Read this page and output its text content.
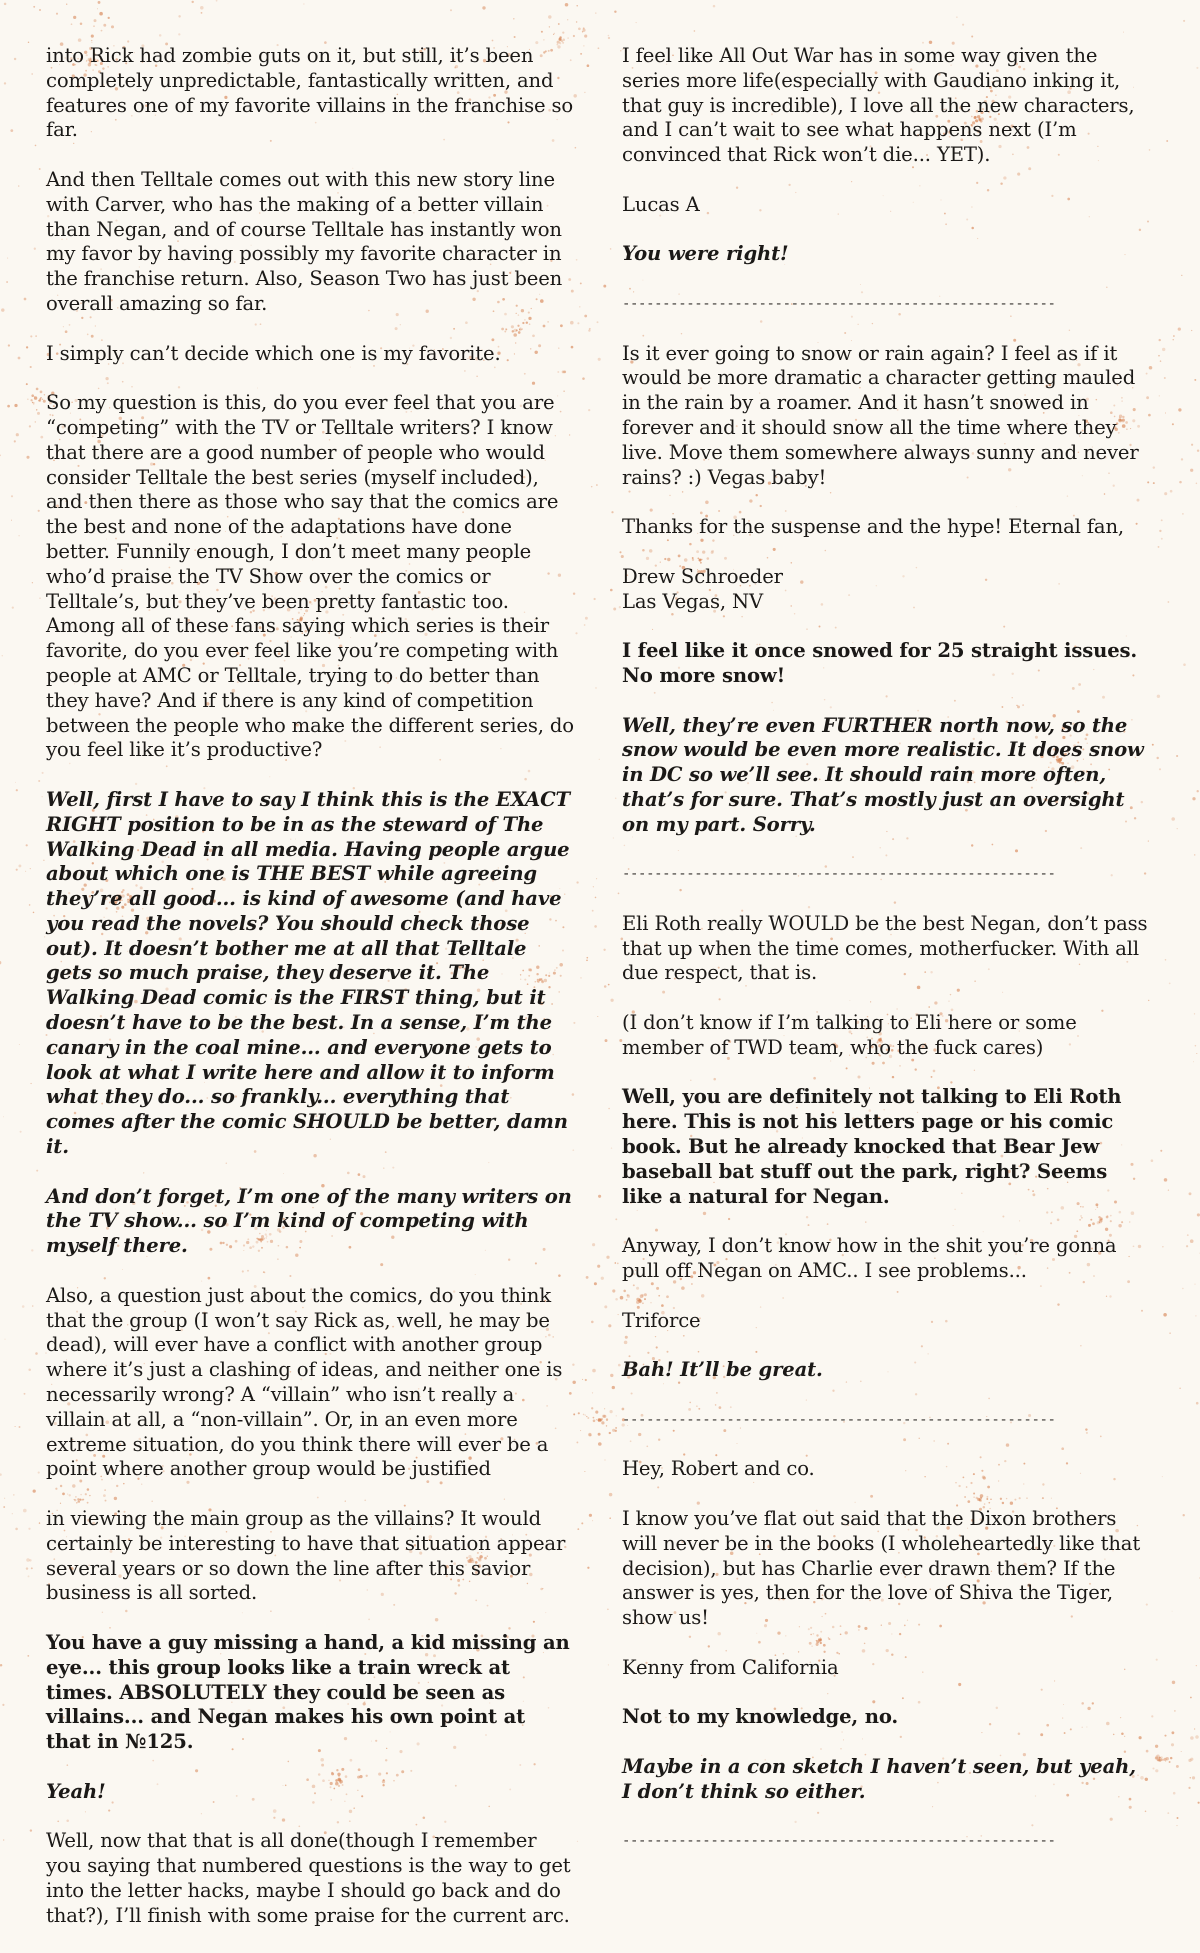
into Rick had zombie guts on it, but still, it’s been completely unpredictable, fantastically written, and features one of my favorite villains in the franchise so far.

And then Telltale comes out with this new story line with Carver, who has the making of a better villain than Negan, and of course Telltale has instantly won my favor by having possibly my favorite character in the franchise return. Also, Season Two has just been overall amazing so far.

I simply can’t decide which one is my favorite.

So my question is this, do you ever feel that you are “competing” with the TV or Telltale writers? I know that there are a good number of people who would consider Telltale the best series (myself included), and then there as those who say that the comics are the best and none of the adaptations have done better. Funnily enough, I don’t meet many people who’d praise the TV Show over the comics or Telltale’s, but they’ve been pretty fantastic too. Among all of these fans saying which series is their favorite, do you ever feel like you’re competing with people at AMC or Telltale, trying to do better than they have? And if there is any kind of competition between the people who make the different series, do you feel like it’s productive?

Well, first I have to say I think this is the EXACT RIGHT position to be in as the steward of The Walking Dead in all media. Having people argue about which one is THE BEST while agreeing they’re all good... is kind of awesome (and have you read the novels? You should check those out). It doesn’t bother me at all that Telltale gets so much praise, they deserve it. The Walking Dead comic is the FIRST thing, but it doesn’t have to be the best. In a sense, I’m the canary in the coal mine... and everyone gets to look at what I write here and allow it to inform what they do... so frankly... everything that comes after the comic SHOULD be better, damn it.

And don’t forget, I’m one of the many writers on the TV show... so I’m kind of competing with myself there.

Also, a question just about the comics, do you think that the group (I won’t say Rick as, well, he may be dead), will ever have a conflict with another group where it’s just a clashing of ideas, and neither one is necessarily wrong? A “villain” who isn’t really a villain at all, a “non-villain”. Or, in an even more extreme situation, do you think there will ever be a point where another group would be justified

in viewing the main group as the villains? It would certainly be interesting to have that situation appear several years or so down the line after this savior business is all sorted.

You have a guy missing a hand, a kid missing an eye... this group looks like a train wreck at times. ABSOLUTELY they could be seen as villains... and Negan makes his own point at that in №125.

Yeah!

Well, now that that is all done(though I remember you saying that numbered questions is the way to get into the letter hacks, maybe I should go back and do that?), I’ll finish with some praise for the current arc.

I feel like All Out War has in some way given the series more life(especially with Gaudiano inking it, that guy is incredible), I love all the new characters, and I can’t wait to see what happens next (I’m convinced that Rick won’t die... YET).

Lucas A

You were right!

------------------------------------------------------

Is it ever going to snow or rain again? I feel as if it would be more dramatic a character getting mauled in the rain by a roamer. And it hasn’t snowed in forever and it should snow all the time where they live. Move them somewhere always sunny and never rains? :) Vegas baby!

Thanks for the suspense and the hype! Eternal fan,

Drew Schroeder

Las Vegas, NV

I feel like it once snowed for 25 straight issues. No more snow!

Well, they’re even FURTHER north now, so the snow would be even more realistic. It does snow in DC so we’ll see. It should rain more often, that’s for sure. That’s mostly just an oversight on my part. Sorry.

------------------------------------------------------

Eli Roth really WOULD be the best Negan, don’t pass that up when the time comes, motherfucker. With all due respect, that is.

(I don’t know if I’m talking to Eli here or some member of TWD team, who the fuck cares)

Well, you are definitely not talking to Eli Roth here. This is not his letters page or his comic book. But he already knocked that Bear Jew baseball bat stuff out the park, right? Seems like a natural for Negan.

Anyway, I don’t know how in the shit you’re gonna pull off Negan on AMC.. I see problems...

Triforce

Bah! It’ll be great.

------------------------------------------------------

Hey, Robert and co.

I know you’ve flat out said that the Dixon brothers will never be in the books (I wholeheartedly like that decision), but has Charlie ever drawn them? If the answer is yes, then for the love of Shiva the Tiger, show us!

Kenny from California

Not to my knowledge, no.

Maybe in a con sketch I haven’t seen, but yeah, I don’t think so either.

------------------------------------------------------
